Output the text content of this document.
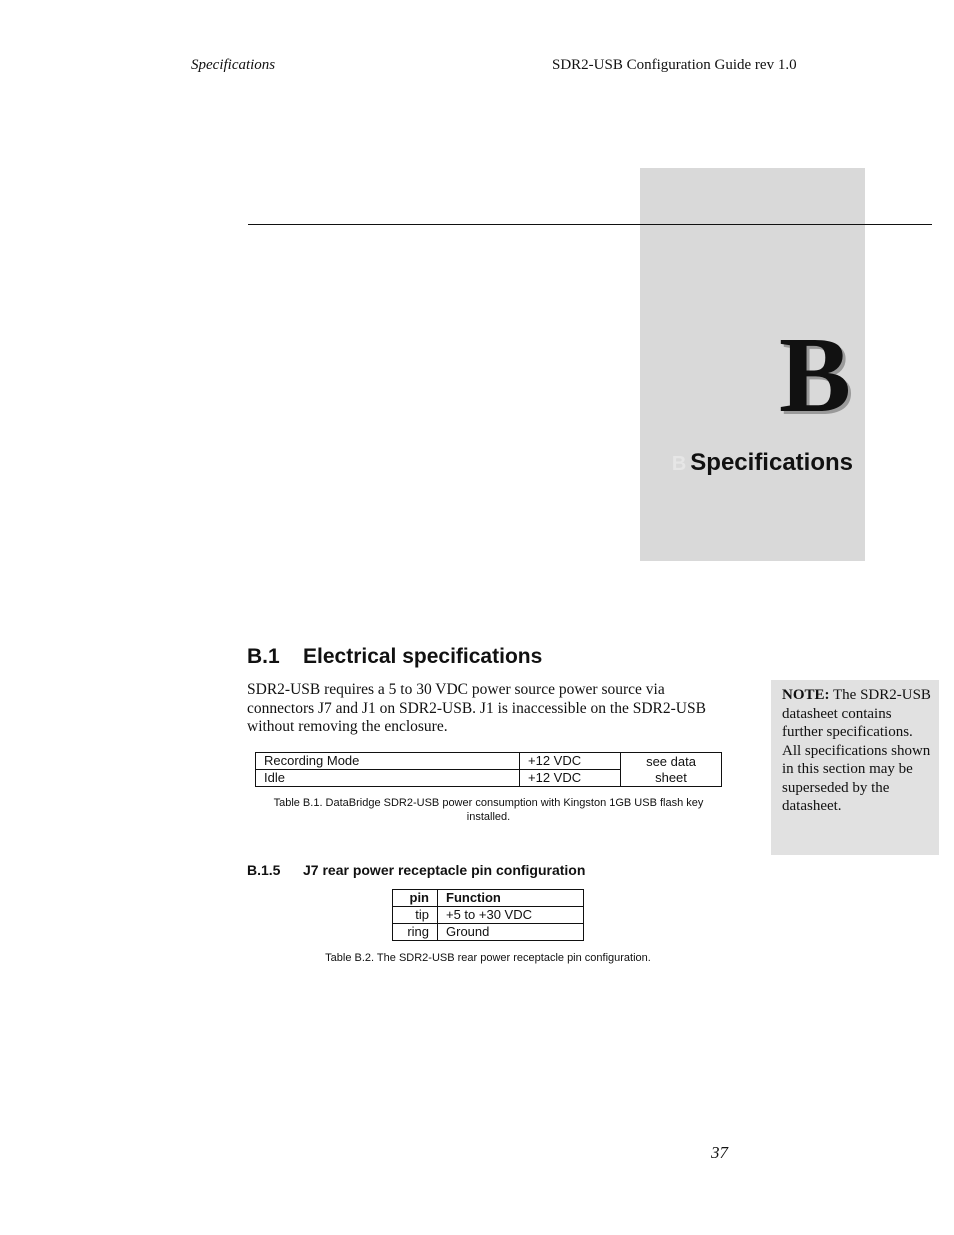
Specifications	SDR2-USB Configuration Guide rev 1.0
B
B Specifications
B.1 Electrical specifications
SDR2-USB requires a 5 to 30 VDC power source power source via connectors J7 and J1 on SDR2-USB. J1 is inaccessible on the SDR2-USB without removing the enclosure.
NOTE: The SDR2-USB datasheet contains further specifications. All specifications shown in this section may be superseded by the datasheet.
Recording Mode	+12 VDC	see data sheet
Idle	+12 VDC	
Table B.1. DataBridge SDR2-USB power consumption with Kingston 1GB USB flash key installed.
B.1.5 J7 rear power receptacle pin configuration
pin	Function
tip	+5 to +30 VDC
ring	Ground
Table B.2. The SDR2-USB rear power receptacle pin configuration.
37
